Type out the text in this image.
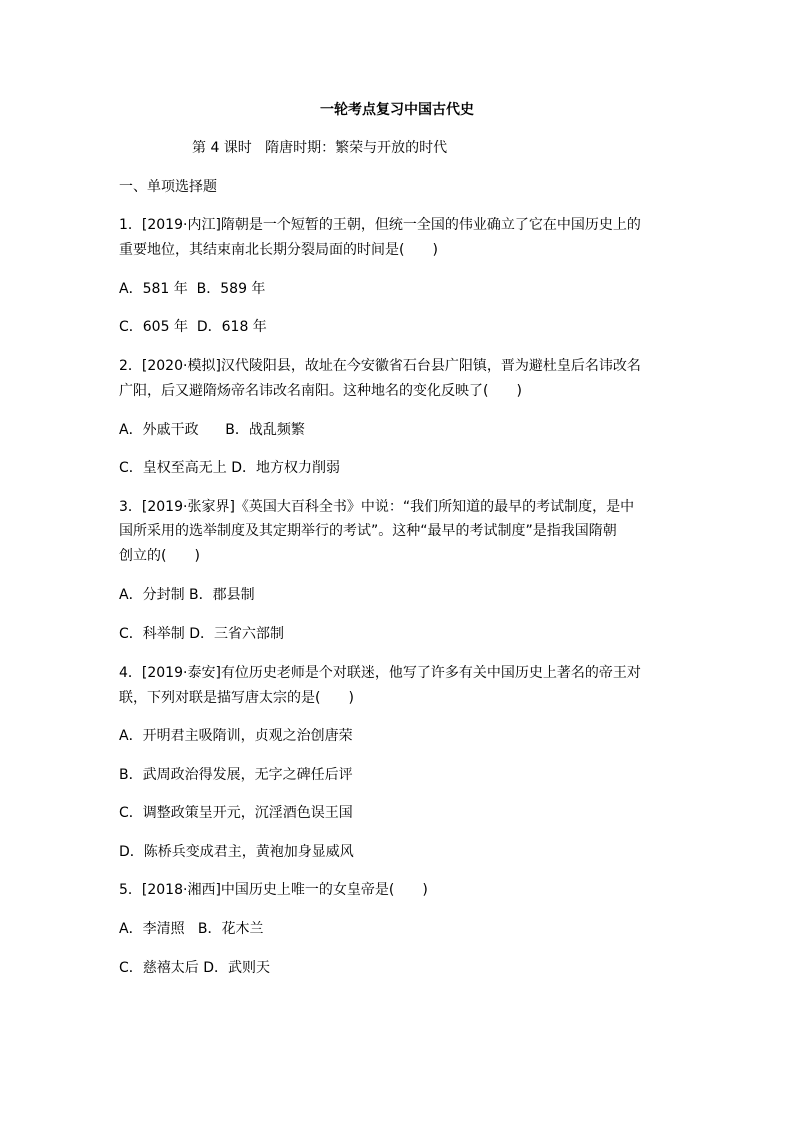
一轮考点复习中国古代史
第 4 课时   隋唐时期：繁荣与开放的时代
一、单项选择题
1．[2019·内江]隋朝是一个短暂的王朝，但统一全国的伟业确立了它在中国历史上的
重要地位，其结束南北长期分裂局面的时间是(　　)
A．581 年  B．589 年
C．605 年  D．618 年
2．[2020·模拟]汉代陵阳县，故址在今安徽省石台县广阳镇，晋为避杜皇后名讳改名
广阳，后又避隋炀帝名讳改名南阳。这种地名的变化反映了(　　)
A．外戚干政      B．战乱频繁
C．皇权至高无上 D．地方权力削弱
3．[2019·张家界]《英国大百科全书》中说：“我们所知道的最早的考试制度，是中
国所采用的选举制度及其定期举行的考试”。这种“最早的考试制度”是指我国隋朝
创立的(　　)
A．分封制 B．郡县制
C．科举制 D．三省六部制
4．[2019·泰安]有位历史老师是个对联迷，他写了许多有关中国历史上著名的帝王对
联，下列对联是描写唐太宗的是(　　)
A．开明君主吸隋训，贞观之治创唐荣
B．武周政治得发展，无字之碑任后评
C．调整政策呈开元，沉淫酒色误王国
D．陈桥兵变成君主，黄袍加身显威风
5．[2018·湘西]中国历史上唯一的女皇帝是(　　)
A．李清照   B．花木兰
C．慈禧太后 D．武则天
